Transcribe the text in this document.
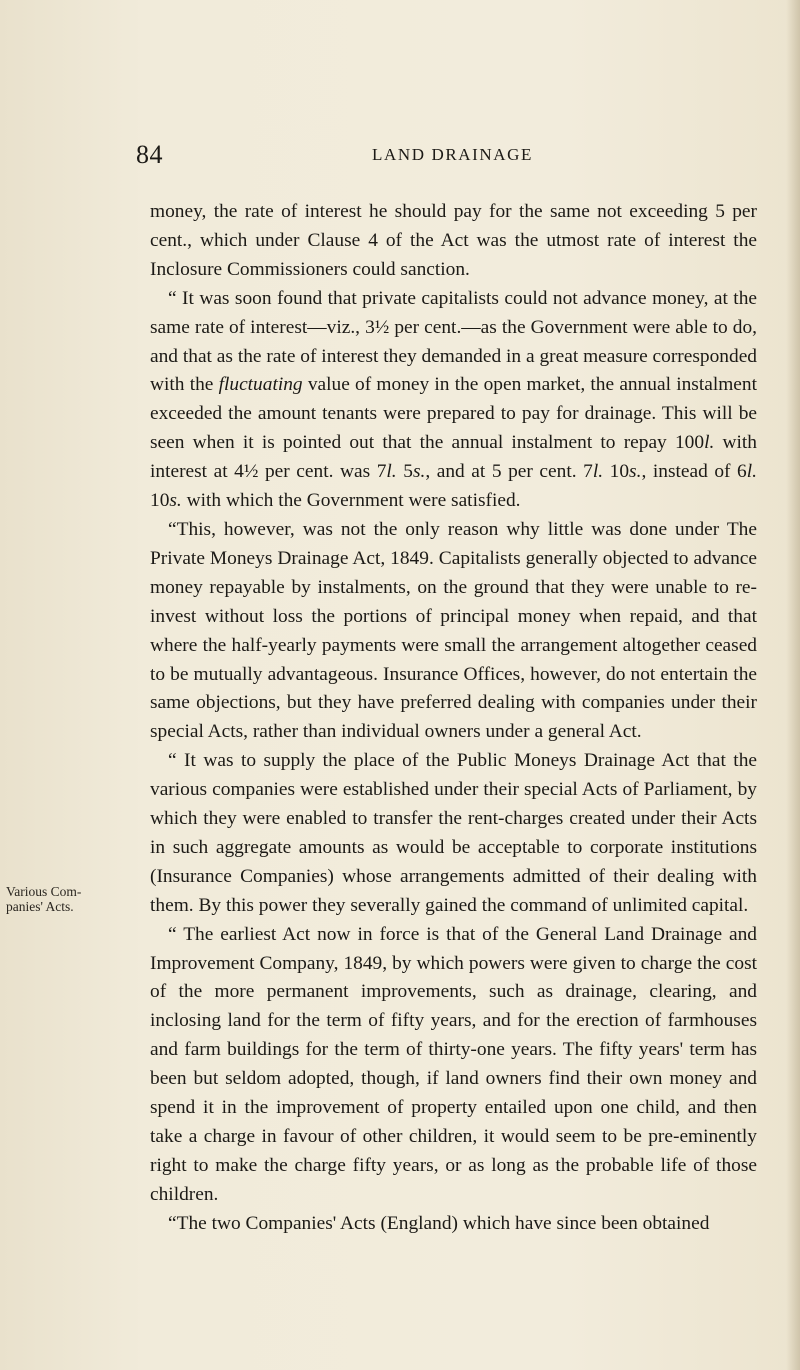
84	LAND DRAINAGE
Various Com-
panies' Acts.

money, the rate of interest he should pay for the same not exceeding 5 per cent., which under Clause 4 of the Act was the utmost rate of interest the Inclosure Commissioners could sanction.

“ It was soon found that private capitalists could not advance money, at the same rate of interest—viz., 3½ per cent.—as the Government were able to do, and that as the rate of interest they demanded in a great measure corresponded with the fluctuating value of money in the open market, the annual instalment exceeded the amount tenants were prepared to pay for drainage. This will be seen when it is pointed out that the annual instalment to repay 100l. with interest at 4½ per cent. was 7l. 5s., and at 5 per cent. 7l. 10s., instead of 6l. 10s. with which the Government were satisfied.

“This, however, was not the only reason why little was done under The Private Moneys Drainage Act, 1849. Capitalists generally objected to advance money repayable by instalments, on the ground that they were unable to re-invest without loss the portions of principal money when repaid, and that where the half-yearly payments were small the arrangement altogether ceased to be mutually advantageous. Insurance Offices, however, do not entertain the same objections, but they have preferred dealing with companies under their special Acts, rather than individual owners under a general Act.

“ It was to supply the place of the Public Moneys Drainage Act that the various companies were established under their special Acts of Parliament, by which they were enabled to transfer the rent-charges created under their Acts in such aggregate amounts as would be acceptable to corporate institutions (Insurance Companies) whose arrangements admitted of their dealing with them. By this power they severally gained the command of unlimited capital.

“ The earliest Act now in force is that of the General Land Drainage and Improvement Company, 1849, by which powers were given to charge the cost of the more permanent improvements, such as drainage, clearing, and inclosing land for the term of fifty years, and for the erection of farmhouses and farm buildings for the term of thirty-one years. The fifty years' term has been but seldom adopted, though, if land owners find their own money and spend it in the improvement of property entailed upon one child, and then take a charge in favour of other children, it would seem to be pre-eminently right to make the charge fifty years, or as long as the probable life of those children.

“The two Companies' Acts (England) which have since been obtained
